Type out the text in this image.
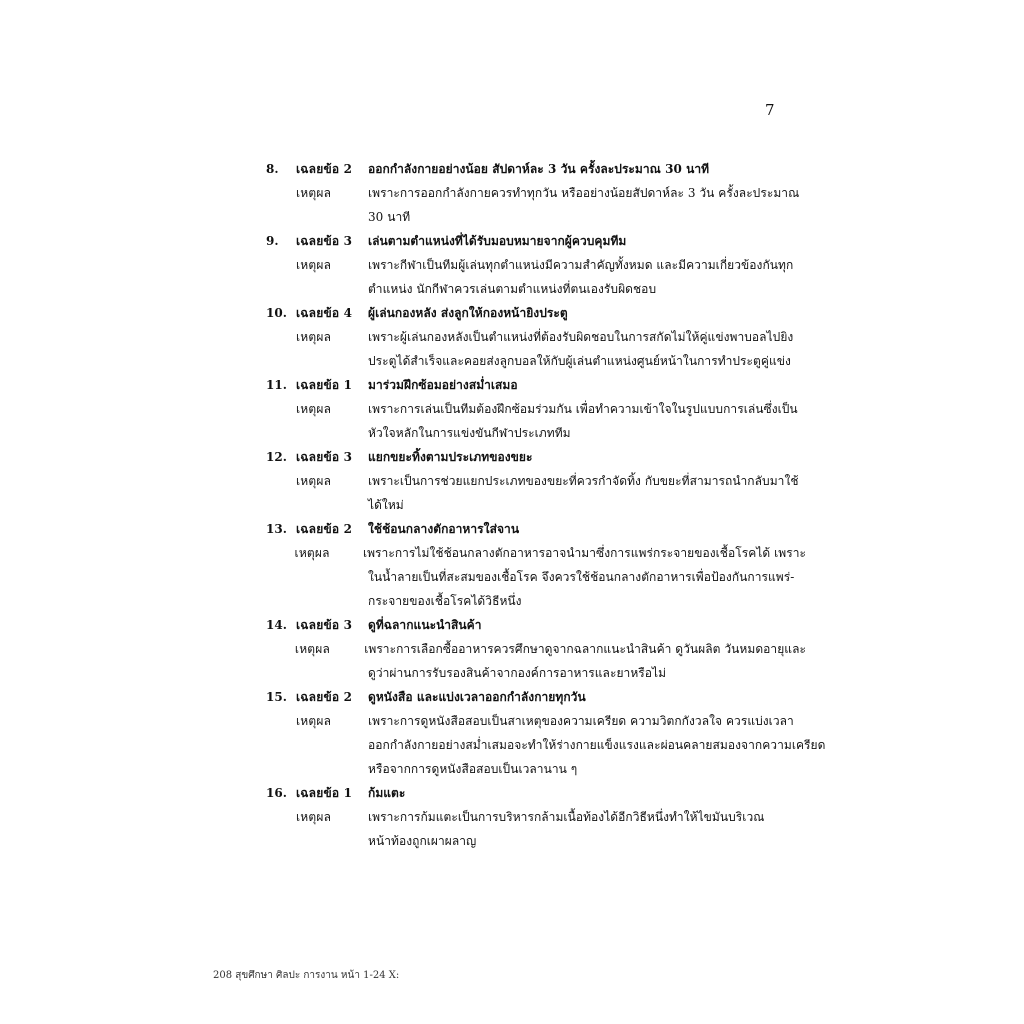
7
8.	เฉลยข้อ 2	ออกกำลังกายอย่างน้อย สัปดาห์ละ 3 วัน ครั้งละประมาณ 30 นาที
เหตุผล	เพราะการออกกำลังกายควรทำทุกวัน หรืออย่างน้อยสัปดาห์ละ 3 วัน ครั้งละประมาณ
30 นาที
9.	เฉลยข้อ 3	เล่นตามตำแหน่งที่ได้รับมอบหมายจากผู้ควบคุมทีม
เหตุผล	เพราะกีฬาเป็นทีมผู้เล่นทุกตำแหน่งมีความสำคัญทั้งหมด และมีความเกี่ยวข้องกันทุก
ตำแหน่ง นักกีฬาควรเล่นตามตำแหน่งที่ตนเองรับผิดชอบ
10. เฉลยข้อ 4	ผู้เล่นกองหลัง ส่งลูกให้กองหน้ายิงประตู
เหตุผล	เพราะผู้เล่นกองหลังเป็นตำแหน่งที่ต้องรับผิดชอบในการสกัดไม่ให้คู่แข่งพาบอลไปยิง
ประตูได้สำเร็จและคอยส่งลูกบอลให้กับผู้เล่นตำแหน่งศูนย์หน้าในการทำประตูคู่แข่ง
11. เฉลยข้อ 1	มาร่วมฝึกซ้อมอย่างสม่ำเสมอ
เหตุผล	เพราะการเล่นเป็นทีมต้องฝึกซ้อมร่วมกัน เพื่อทำความเข้าใจในรูปแบบการเล่นซึ่งเป็น
หัวใจหลักในการแข่งขันกีฬาประเภททีม
12. เฉลยข้อ 3	แยกขยะทิ้งตามประเภทของขยะ
เหตุผล	เพราะเป็นการช่วยแยกประเภทของขยะที่ควรกำจัดทิ้ง กับขยะที่สามารถนำกลับมาใช้
ได้ใหม่
13. เฉลยข้อ 2	ใช้ช้อนกลางตักอาหารใส่จาน
เหตุผล	เพราะการไม่ใช้ช้อนกลางตักอาหารอาจนำมาซึ่งการแพร่กระจายของเชื้อโรคได้ เพราะ
ในน้ำลายเป็นที่สะสมของเชื้อโรค จึงควรใช้ช้อนกลางตักอาหารเพื่อป้องกันการแพร่-
กระจายของเชื้อโรคได้วิธีหนึ่ง
14. เฉลยข้อ 3	ดูที่ฉลากแนะนำสินค้า
เหตุผล	เพราะการเลือกซื้ออาหารควรศึกษาดูจากฉลากแนะนำสินค้า ดูวันผลิต วันหมดอายุและ
ดูว่าผ่านการรับรองสินค้าจากองค์การอาหารและยาหรือไม่
15. เฉลยข้อ 2	ดูหนังสือ และแบ่งเวลาออกกำลังกายทุกวัน
เหตุผล	เพราะการดูหนังสือสอบเป็นสาเหตุของความเครียด ความวิตกกังวลใจ ควรแบ่งเวลา
ออกกำลังกายอย่างสม่ำเสมอจะทำให้ร่างกายแข็งแรงและผ่อนคลายสมองจากความเครียด
หรือจากการดูหนังสือสอบเป็นเวลานาน ๆ
16. เฉลยข้อ 1	ก้มแตะ
เหตุผล	เพราะการก้มแตะเป็นการบริหารกล้ามเนื้อท้องได้อีกวิธีหนึ่งทำให้ไขมันบริเวณ
หน้าท้องถูกเผาผลาญ
208 สุขศึกษา ศิลปะ การงาน หน้า 1-24 X:
